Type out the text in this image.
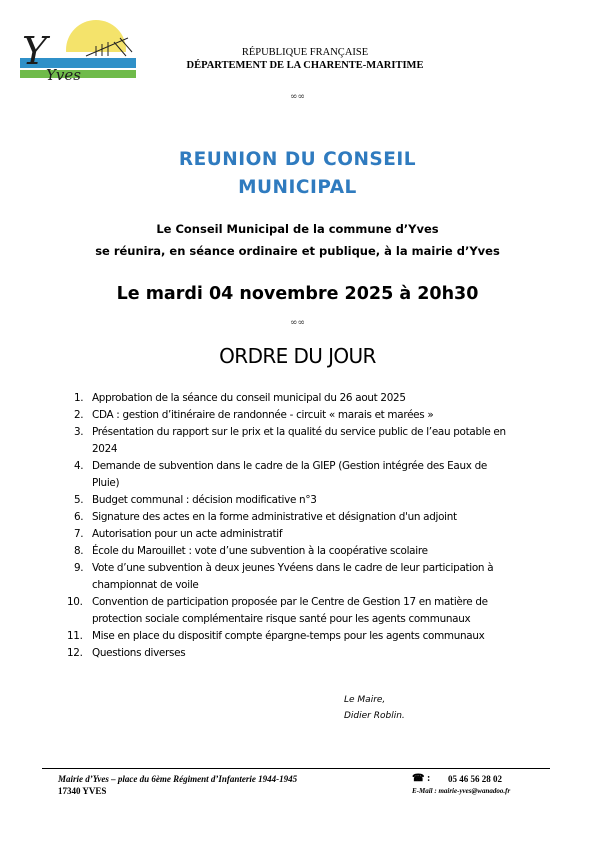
Y
Yves
RÉPUBLIQUE FRANÇAISE
DÉPARTEMENT DE LA CHARENTE-MARITIME
∞∞
REUNION DU CONSEIL
MUNICIPAL
Le Conseil Municipal de la commune d’Yves
se réunira, en séance ordinaire et publique, à la mairie d’Yves
Le mardi 04 novembre 2025 à 20h30
∞∞
ORDRE DU JOUR
1. Approbation de la séance du conseil municipal du 26 aout 2025
2. CDA : gestion d’itinéraire de randonnée - circuit « marais et marées »
3. Présentation du rapport sur le prix et la qualité du service public de l’eau potable en
2024
4. Demande de subvention dans le cadre de la GIEP (Gestion intégrée des Eaux de
Pluie)
5. Budget communal : décision modificative n°3
6. Signature des actes en la forme administrative et désignation d'un adjoint
7. Autorisation pour un acte administratif
8. École du Marouillet : vote d’une subvention à la coopérative scolaire
9. Vote d’une subvention à deux jeunes Yvéens dans le cadre de leur participation à
championnat de voile
10. Convention de participation proposée par le Centre de Gestion 17 en matière de
protection sociale complémentaire risque santé pour les agents communaux
11. Mise en place du dispositif compte épargne-temps pour les agents communaux
12. Questions diverses
Le Maire,
Didier Roblin.
Mairie d’Yves – place du 6ème Régiment d’Infanterie 1944-1945
17340 YVES
☎ : 05 46 56 28 02
E-Mail : mairie-yves@wanadoo.fr
